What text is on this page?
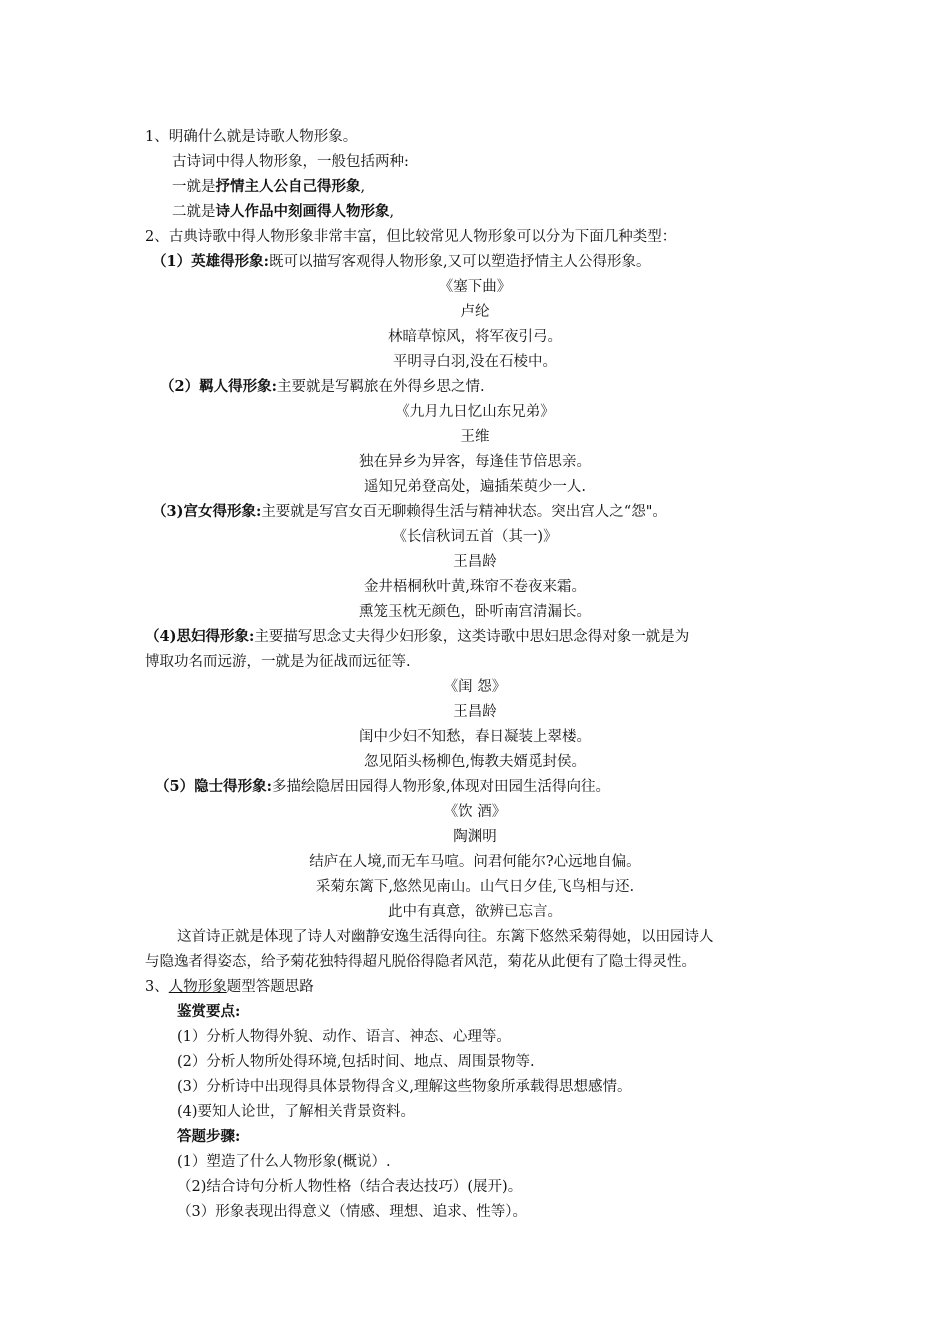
1、明确什么就是诗歌人物形象。
古诗词中得人物形象，一般包括两种:
一就是抒情主人公自己得形象,
二就是诗人作品中刻画得人物形象,
2、古典诗歌中得人物形象非常丰富，但比较常见人物形象可以分为下面几种类型：
（1）英雄得形象:既可以描写客观得人物形象,又可以塑造抒情主人公得形象。
《塞下曲》
卢纶
林暗草惊风，将军夜引弓。
平明寻白羽,没在石棱中。
（2）羁人得形象:主要就是写羁旅在外得乡思之情.
《九月九日忆山东兄弟》
王维
独在异乡为异客，每逢佳节倍思亲。
遥知兄弟登高处，遍插茱萸少一人.
（3)宫女得形象:主要就是写宫女百无聊赖得生活与精神状态。突出宫人之“怨"。
《长信秋词五首（其一)》
王昌龄
金井梧桐秋叶黄,珠帘不卷夜来霜。
熏笼玉枕无颜色，卧听南宫清漏长。
（4)思妇得形象:主要描写思念丈夫得少妇形象，这类诗歌中思妇思念得对象一就是为
博取功名而远游，一就是为征战而远征等.
《闺 怨》
王昌龄
闺中少妇不知愁，春日凝装上翠楼。
忽见陌头杨柳色,悔教夫婿觅封侯。
（5）隐士得形象:多描绘隐居田园得人物形象,体现对田园生活得向往。
《饮 酒》
陶渊明
结庐在人境,而无车马喧。问君何能尔?心远地自偏。
采菊东篱下,悠然见南山。山气日夕佳,飞鸟相与还.
此中有真意，欲辨已忘言。
这首诗正就是体现了诗人对幽静安逸生活得向往。东篱下悠然采菊得她，以田园诗人
与隐逸者得姿态，给予菊花独特得超凡脱俗得隐者风范，菊花从此便有了隐士得灵性。
3、人物形象题型答题思路
鉴赏要点:
(1）分析人物得外貌、动作、语言、神态、心理等。
(2）分析人物所处得环境,包括时间、地点、周围景物等.
(3）分析诗中出现得具体景物得含义,理解这些物象所承载得思想感情。
(4)要知人论世，了解相关背景资料。
答题步骤:
(1）塑造了什么人物形象(概说）.
（2)结合诗句分析人物性格（结合表达技巧）(展开)。
（3）形象表现出得意义（情感、理想、追求、性等）。
